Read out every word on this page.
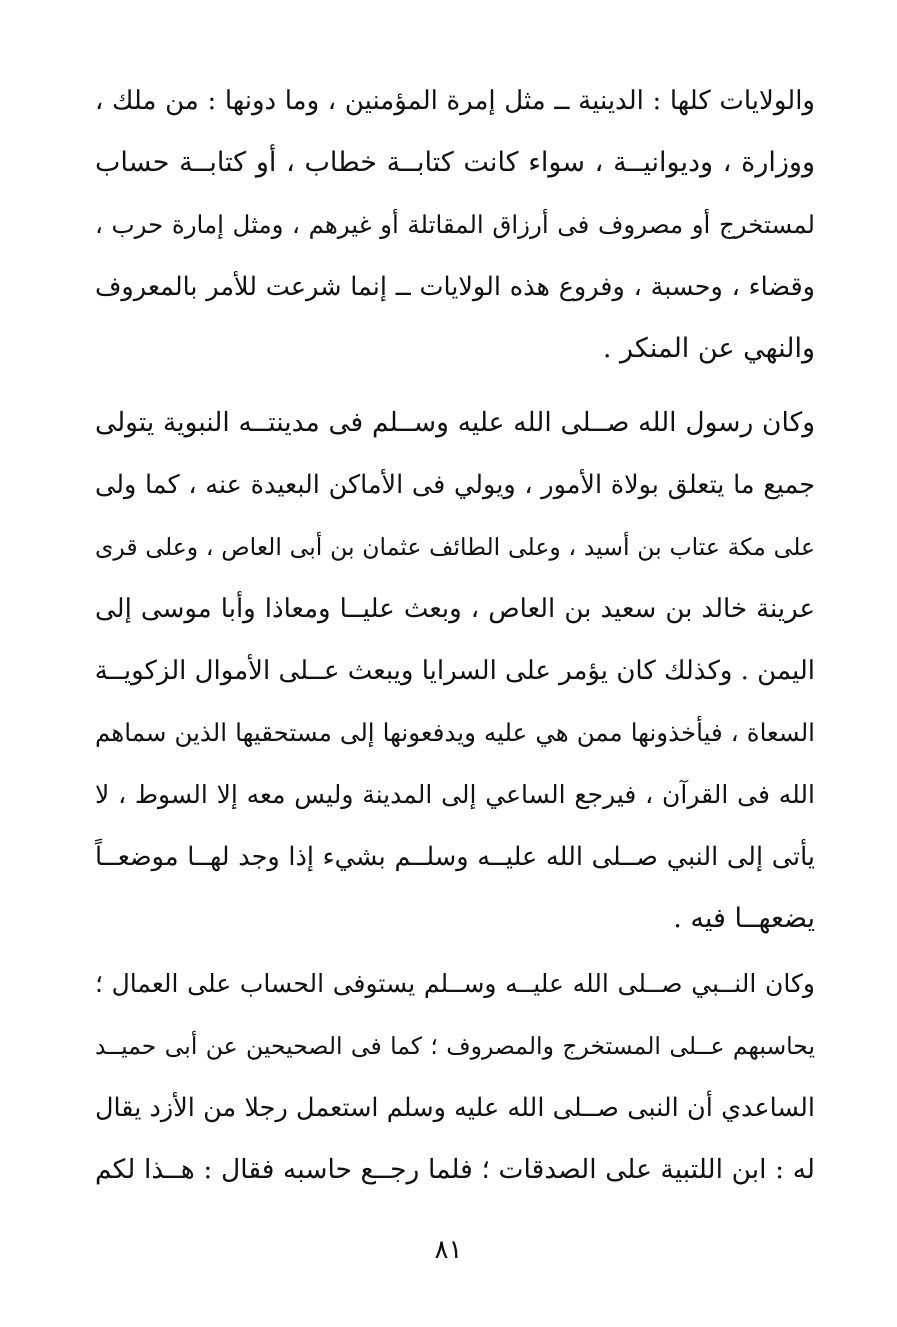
والولايات كلها : الدينية ــ مثل إمرة المؤمنين ، وما دونها : من ملك ،
ووزارة ، وديوانيــة ، سواء كانت كتابــة خطاب ، أو كتابــة حساب
لمستخرج أو مصروف فى أرزاق المقاتلة أو غيرهم ، ومثل إمارة حرب ،
وقضاء ، وحسبة ، وفروع هذه الولايات ــ إنما شرعت للأمر بالمعروف
والنهي عن المنكر .
وكان رسول الله صــلى الله عليه وســلم فى مدينتــه النبوية يتولى
جميع ما يتعلق بولاة الأمور ، ويولي فى الأماكن البعيدة عنه ، كما ولى
على مكة عتاب بن أسيد ، وعلى الطائف عثمان بن أبى العاص ، وعلى قرى
عرينة خالد بن سعيد بن العاص ، وبعث عليــا ومعاذا وأبا موسى إلى
اليمن . وكذلك كان يؤمر على السرايا ويبعث عــلى الأموال الزكويــة
السعاة ، فيأخذونها ممن هي عليه ويدفعونها إلى مستحقيها الذين سماهم
الله فى القرآن ، فيرجع الساعي إلى المدينة وليس معه إلا السوط ، لا
يأتى إلى النبي صــلى الله عليــه وسلــم بشيء إذا وجد لهــا موضعــاً
يضعهــا فيه .
وكان النــبي صــلى الله عليــه وســلم يستوفى الحساب على العمال ؛
يحاسبهم عــلى المستخرج والمصروف ؛ كما فى الصحيحين عن أبى حميــد
الساعدي أن النبى صــلى الله عليه وسلم استعمل رجلا من الأزد يقال
له : ابن اللتبية على الصدقات ؛ فلما رجــع حاسبه فقال : هــذا لكم
٨١
